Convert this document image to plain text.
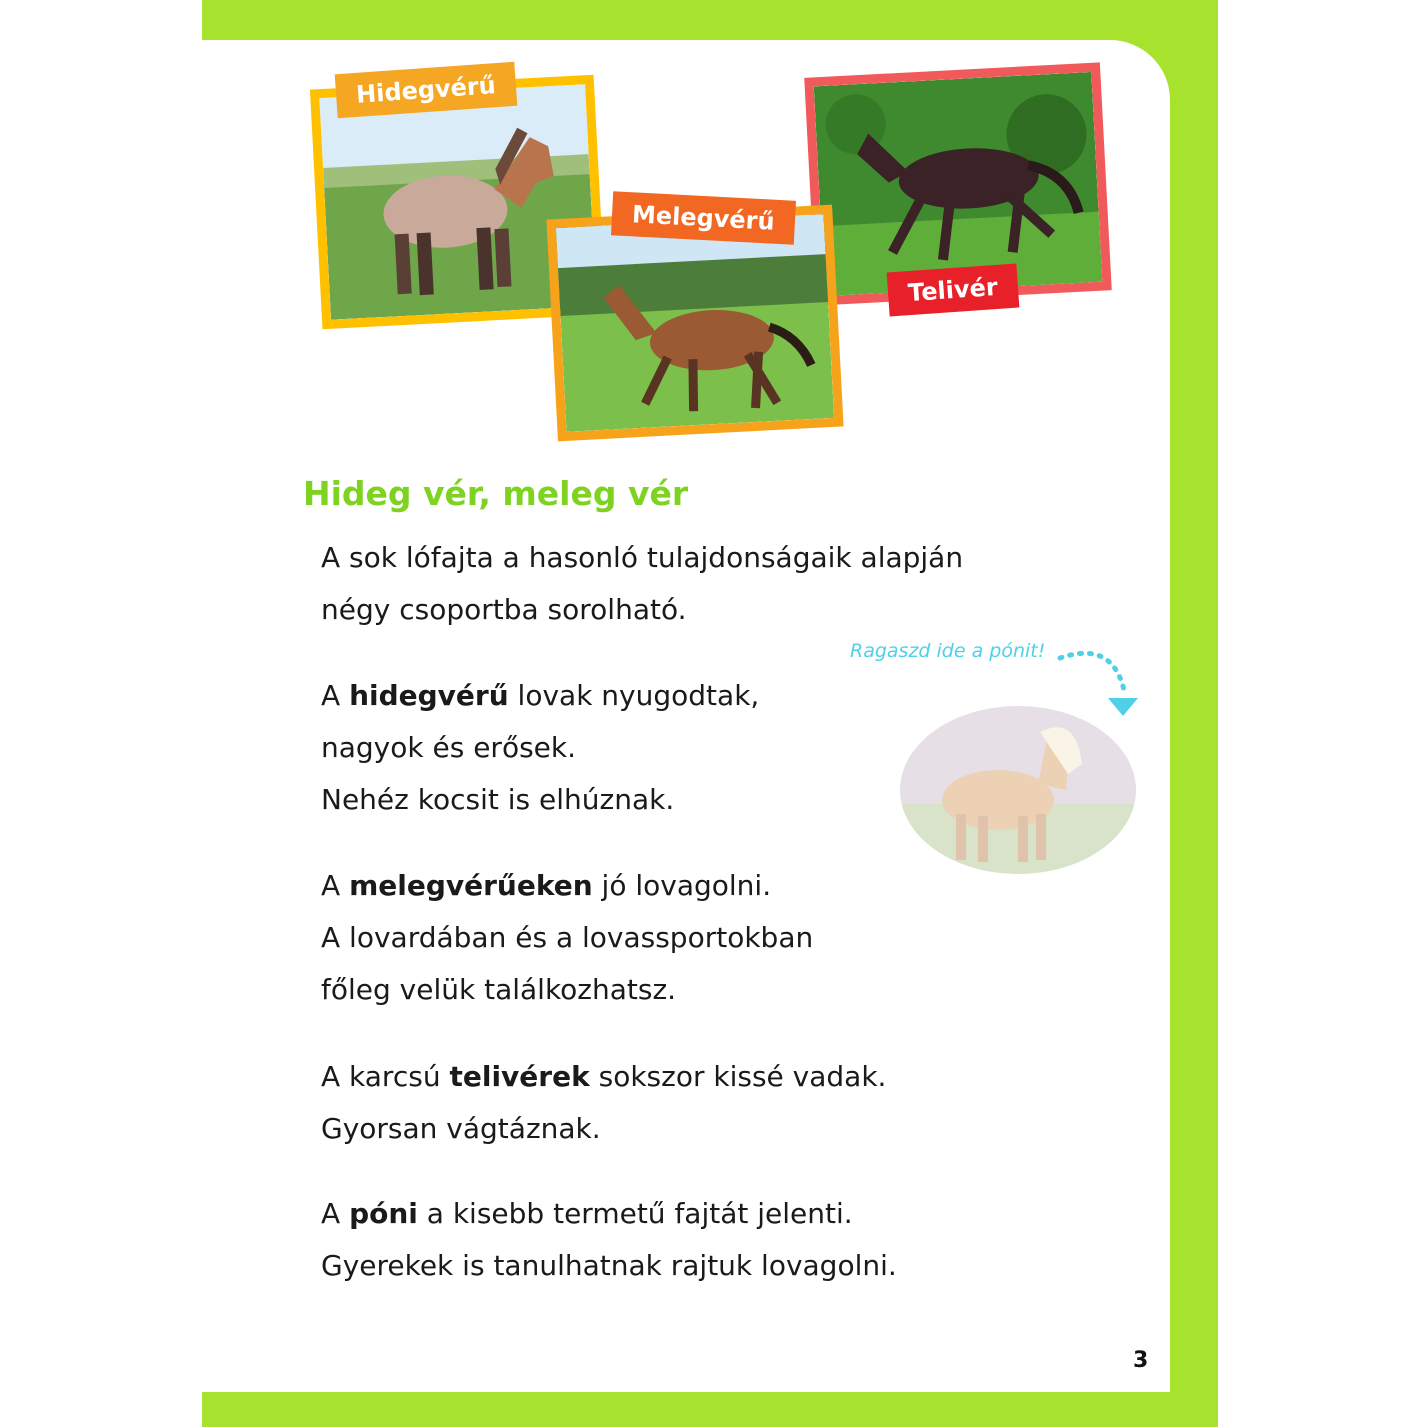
Hidegvérű
Telivér
Melegvérű
Hideg vér, meleg vér

A sok lófajta a hasonló tulajdonságaik alapján
négy csoportba sorolható.

A hidegvérű lovak nyugodtak,
nagyok és erősek.
Nehéz kocsit is elhúznak.

A melegvérűeken jó lovagolni.
A lovardában és a lovassportokban
főleg velük találkozhatsz.

A karcsú telivérek sokszor kissé vadak.
Gyorsan vágtáznak.

A póni a kisebb termetű fajtát jelenti.
Gyerekek is tanulhatnak rajtuk lovagolni.

Ragaszd ide a pónit!
3
